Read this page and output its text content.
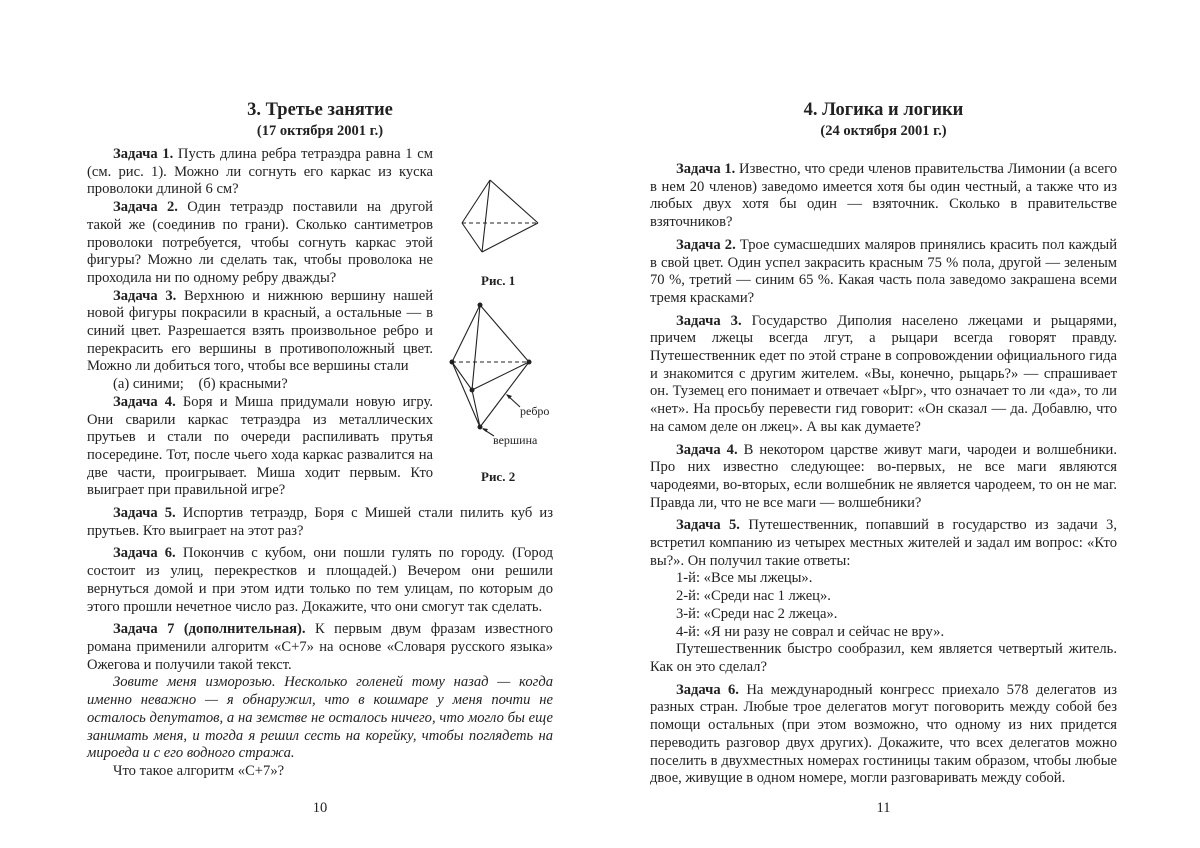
3. Третье занятие
(17 октября 2001 г.)

Задача 1. Пусть длина ребра тетраэдра равна 1 см (см. рис. 1). Можно ли согнуть его каркас из куска проволоки длиной 6 см?

Задача 2. Один тетраэдр поставили на другой такой же (соединив по грани). Сколько сантиметров проволоки потребуется, чтобы согнуть каркас этой фигуры? Можно ли сделать так, чтобы проволока не проходила ни по одному ребру дважды?

Задача 3. Верхнюю и нижнюю вершину нашей новой фигуры покрасили в красный, а остальные — в синий цвет. Разрешается взять произвольное ребро и перекрасить его вершины в противоположный цвет. Можно ли добиться того, чтобы все вершины стали

(а) синими;    (б) красными?

Задача 4. Боря и Миша придумали новую игру. Они сварили каркас тетраэдра из металлических прутьев и стали по очереди распиливать прутья посередине. Тот, после чьего хода каркас развалится на две части, проигрывает. Миша ходит первым. Кто выиграет при правильной игре?

Задача 5. Испортив тетраэдр, Боря с Мишей стали пилить куб из прутьев. Кто выиграет на этот раз?

Задача 6. Покончив с кубом, они пошли гулять по городу. (Город состоит из улиц, перекрестков и площадей.) Вечером они решили вернуться домой и при этом идти только по тем улицам, по которым до этого прошли нечетное число раз. Докажите, что они смогут так сделать.

Задача 7 (дополнительная). К первым двум фразам известного романа применили алгоритм «С+7» на основе «Словаря русского языка» Ожегова и получили такой текст.

Зовите меня изморозью. Несколько голеней тому назад — когда именно неважно — я обнаружил, что в кошмаре у меня почти не осталось депутатов, а на земстве не осталось ничего, что могло бы еще занимать меня, и тогда я решил сесть на корейку, чтобы поглядеть на мироеда и с его водного стража.

Что такое алгоритм «С+7»?

10
Рис. 1
ребро
вершина
Рис. 2
4. Логика и логики
(24 октября 2001 г.)

Задача 1. Известно, что среди членов правительства Лимонии (а всего в нем 20 членов) заведомо имеется хотя бы один честный, а также что из любых двух хотя бы один — взяточник. Сколько в правительстве взяточников?

Задача 2. Трое сумасшедших маляров принялись красить пол каждый в свой цвет. Один успел закрасить красным 75 % пола, другой — зеленым 70 %, третий — синим 65 %. Какая часть пола заведомо закрашена всеми тремя красками?

Задача 3. Государство Диполия населено лжецами и рыцарями, причем лжецы всегда лгут, а рыцари всегда говорят правду. Путешественник едет по этой стране в сопровождении официального гида и знакомится с другим жителем. «Вы, конечно, рыцарь?» — спрашивает он. Туземец его понимает и отвечает «Ырг», что означает то ли «да», то ли «нет». На просьбу перевести гид говорит: «Он сказал — да. Добавлю, что на самом деле он лжец». А вы как думаете?

Задача 4. В некотором царстве живут маги, чародеи и волшебники. Про них известно следующее: во-первых, не все маги являются чародеями, во-вторых, если волшебник не является чародеем, то он не маг. Правда ли, что не все маги — волшебники?

Задача 5. Путешественник, попавший в государство из задачи 3, встретил компанию из четырех местных жителей и задал им вопрос: «Кто вы?». Он получил такие ответы:

1-й: «Все мы лжецы».

2-й: «Среди нас 1 лжец».

3-й: «Среди нас 2 лжеца».

4-й: «Я ни разу не соврал и сейчас не вру».

Путешественник быстро сообразил, кем является четвертый житель. Как он это сделал?

Задача 6. На международный конгресс приехало 578 делегатов из разных стран. Любые трое делегатов могут поговорить между собой без помощи остальных (при этом возможно, что одному из них придется переводить разговор двух других). Докажите, что всех делегатов можно поселить в двухместных номерах гостиницы таким образом, чтобы любые двое, живущие в одном номере, могли разговаривать между собой.

11
